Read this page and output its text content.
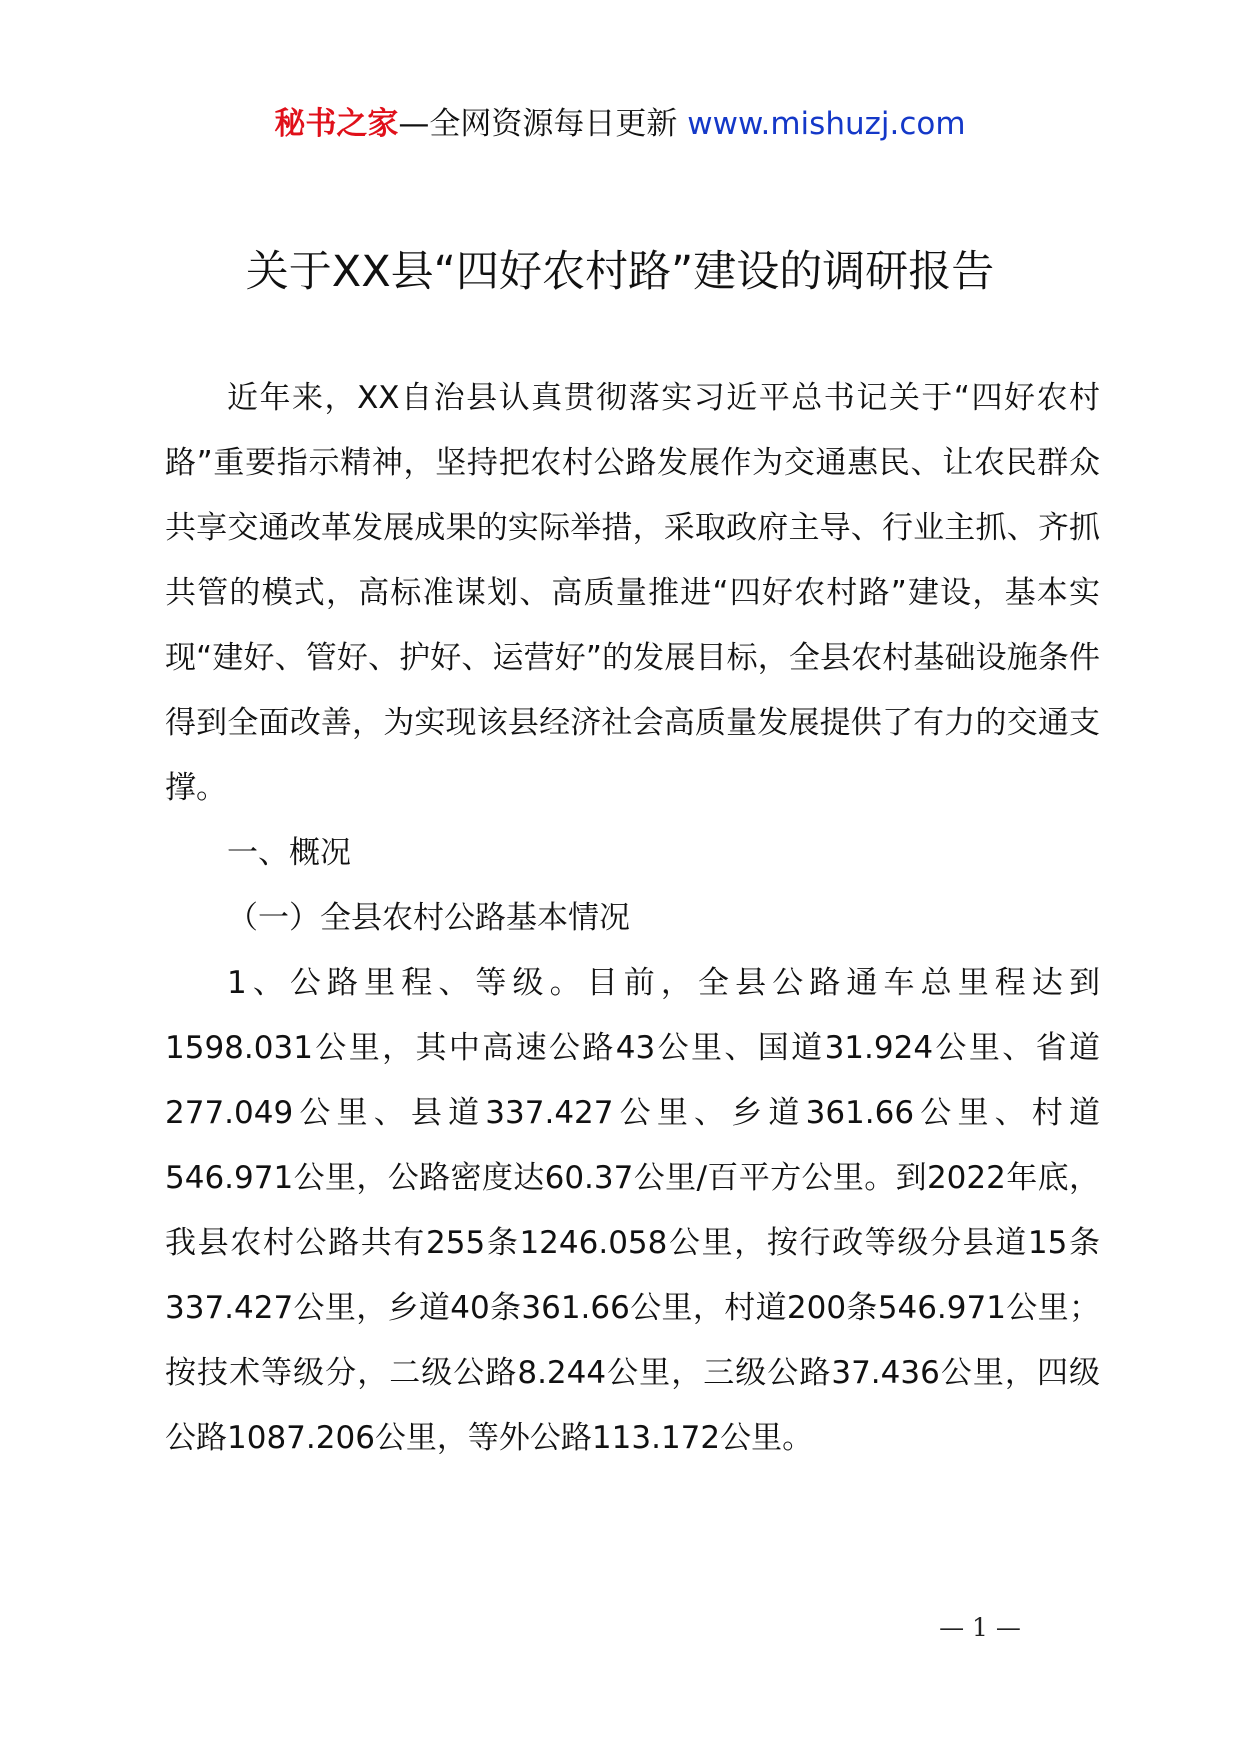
秘书之家—全网资源每日更新 www.mishuzj.com
关于XX县“四好农村路”建设的调研报告

近年来，XX自治县认真贯彻落实习近平总书记关于“四好农村路”重要指示精神，坚持把农村公路发展作为交通惠民、让农民群众共享交通改革发展成果的实际举措，采取政府主导、行业主抓、齐抓共管的模式，高标准谋划、高质量推进“四好农村路”建设，基本实现“建好、管好、护好、运营好”的发展目标，全县农村基础设施条件得到全面改善，为实现该县经济社会高质量发展提供了有力的交通支撑。

一、概况

（一）全县农村公路基本情况

1、公路里程、等级。目前，全县公路通车总里程达到1598.031公里，其中高速公路43公里、国道31.924公里、省道277.049公里、县道337.427公里、乡道361.66公里、村道546.971公里，公路密度达60.37公里/百平方公里。到2022年底，我县农村公路共有255条1246.058公里，按行政等级分县道15条337.427公里，乡道40条361.66公里，村道200条546.971公里；按技术等级分，二级公路8.244公里，三级公路37.436公里，四级公路1087.206公里，等外公路113.172公里。

— 1 —
